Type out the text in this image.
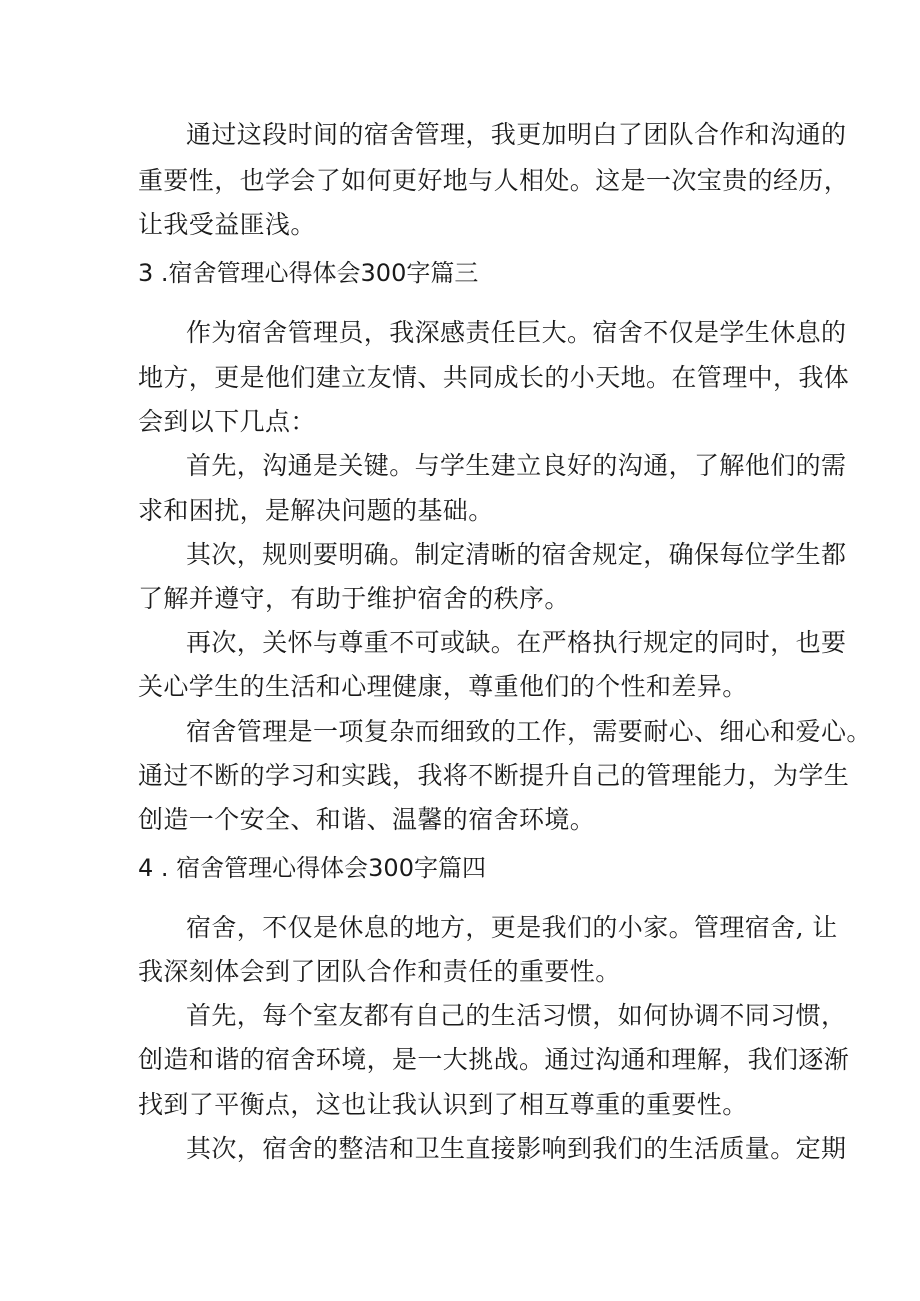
通过这段时间的宿舍管理，我更加明白了团队合作和沟通的
重要性，也学会了如何更好地与人相处。这是一次宝贵的经历，
让我受益匪浅。
3 .宿舍管理心得体会300字篇三
作为宿舍管理员，我深感责任巨大。宿舍不仅是学生休息的
地方，更是他们建立友情、共同成长的小天地。在管理中，我体
会到以下几点：
首先，沟通是关键。与学生建立良好的沟通，了解他们的需
求和困扰，是解决问题的基础。
其次，规则要明确。制定清晰的宿舍规定，确保每位学生都
了解并遵守，有助于维护宿舍的秩序。
再次，关怀与尊重不可或缺。在严格执行规定的同时，也要
关心学生的生活和心理健康，尊重他们的个性和差异。
宿舍管理是一项复杂而细致的工作，需要耐心、细心和爱心。
通过不断的学习和实践，我将不断提升自己的管理能力，为学生
创造一个安全、和谐、温馨的宿舍环境。
4 . 宿舍管理心得体会300字篇四
宿舍，不仅是休息的地方，更是我们的小家。管理宿舍, 让
我深刻体会到了团队合作和责任的重要性。
首先，每个室友都有自己的生活习惯，如何协调不同习惯，
创造和谐的宿舍环境，是一大挑战。通过沟通和理解，我们逐渐
找到了平衡点，这也让我认识到了相互尊重的重要性。
其次，宿舍的整洁和卫生直接影响到我们的生活质量。定期
